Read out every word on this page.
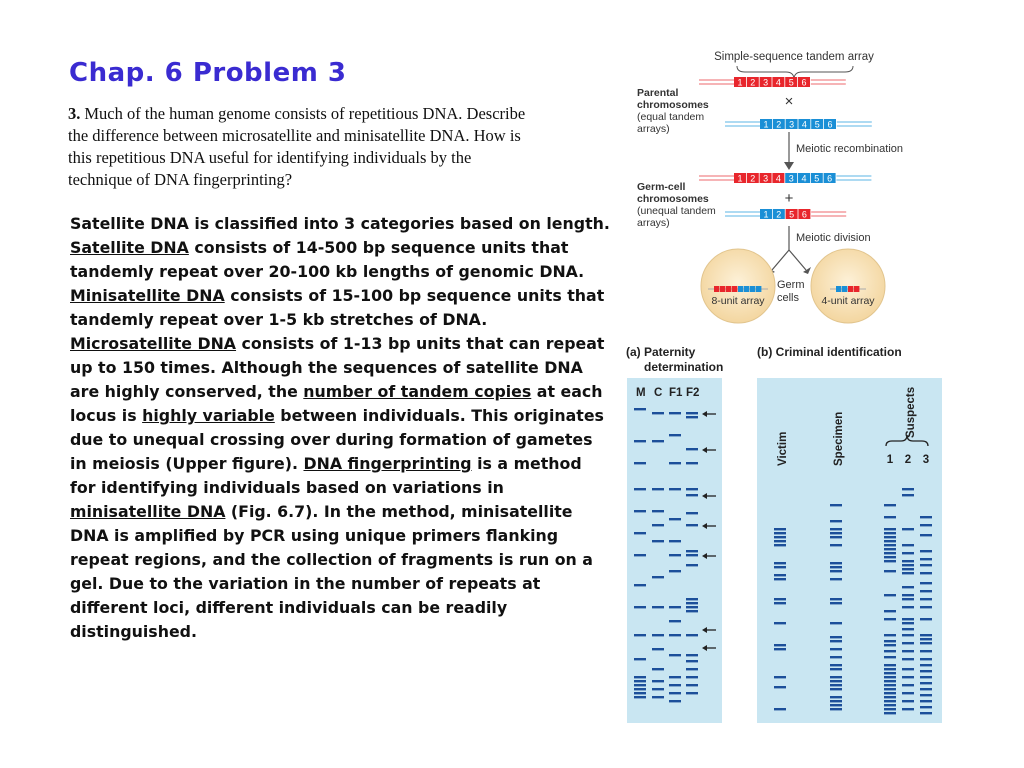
Chap. 6 Problem 3
3. Much of the human genome consists of repetitious DNA. Describe the difference between microsatellite and minisatellite DNA. How is this repetitious DNA useful for identifying individuals by the technique of DNA fingerprinting?
Satellite DNA is classified into 3 categories based on length. Satellite DNA consists of 14-500 bp sequence units that tandemly repeat over 20-100 kb lengths of genomic DNA. Minisatellite DNA consists of 15-100 bp sequence units that tandemly repeat over 1-5 kb stretches of DNA. Microsatellite DNA consists of 1-13 bp units that can repeat up to 150 times. Although the sequences of satellite DNA are highly conserved, the number of tandem copies at each locus is highly variable between individuals. This originates due to unequal crossing over during formation of gametes in meiosis (Upper figure). DNA fingerprinting is a method for identifying individuals based on variations in minisatellite DNA (Fig. 6.7). In the method, minisatellite DNA is amplified by PCR using unique primers flanking repeat regions, and the collection of fragments is run on a gel. Due to the variation in the number of repeats at different loci, different individuals can be readily distinguished.
Simple-sequence tandem array
Parental
chromosomes
(equal tandem
arrays)
Germ-cell
chromosomes
(unequal tandem
arrays)
1 2 3 4 5 6
×
1 2 3 4 5 6
Meiotic recombination
1 2 3 4 3 4 5 6
+
1 2 5 6
Meiotic division
8-unit array	4-unit array
Germ
cells
(a) Paternity
determination
(b) Criminal identification
M C F1 F2
Victim	Specimen	Suspects
1 2 3
